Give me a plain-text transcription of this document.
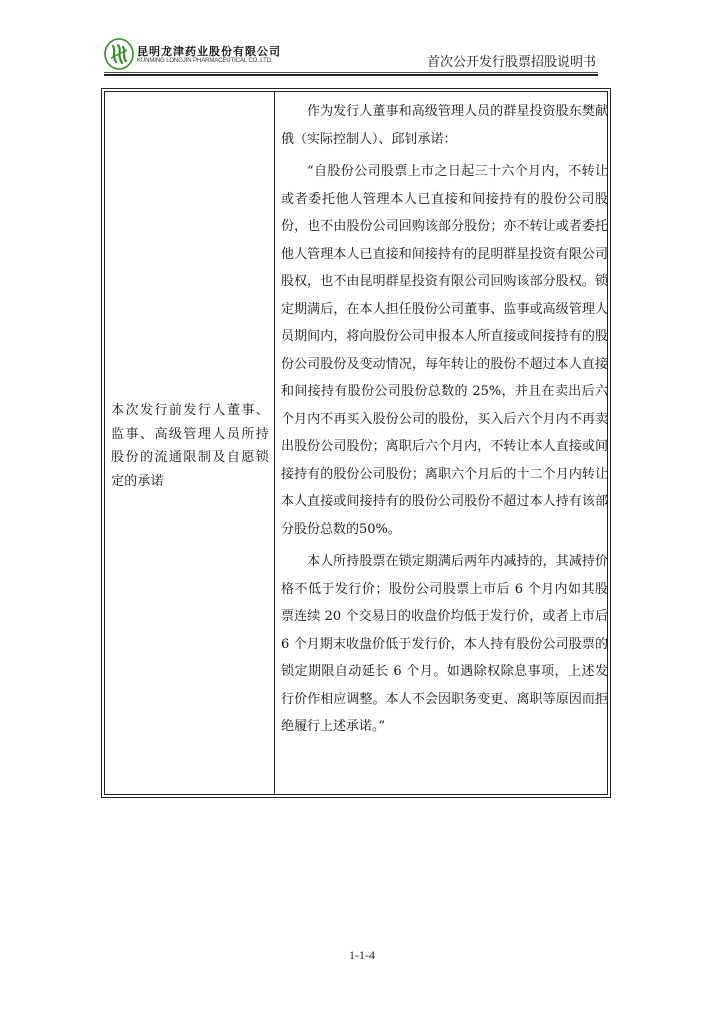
昆明龙津药业股份有限公司
KUNMING LONGJIN PHARMACEUTICAL CO.,LTD.	首次公开发行股票招股说明书
本次发行前发行人董事、监事、高级管理人员所持股份的流通限制及自愿锁定的承诺

作为发行人董事和高级管理人员的群星投资股东樊献俄（实际控制人）、邱钊承诺：

“自股份公司股票上市之日起三十六个月内，不转让或者委托他人管理本人已直接和间接持有的股份公司股份，也不由股份公司回购该部分股份；亦不转让或者委托他人管理本人已直接和间接持有的昆明群星投资有限公司股权，也不由昆明群星投资有限公司回购该部分股权。锁定期满后，在本人担任股份公司董事、监事或高级管理人员期间内，将向股份公司申报本人所直接或间接持有的股份公司股份及变动情况，每年转让的股份不超过本人直接和间接持有股份公司股份总数的 25%，并且在卖出后六个月内不再买入股份公司的股份，买入后六个月内不再卖出股份公司股份；离职后六个月内，不转让本人直接或间接持有的股份公司股份；离职六个月后的十二个月内转让本人直接或间接持有的股份公司股份不超过本人持有该部分股份总数的50%。

本人所持股票在锁定期满后两年内减持的，其减持价格不低于发行价；股份公司股票上市后 6 个月内如其股票连续 20 个交易日的收盘价均低于发行价，或者上市后 6 个月期末收盘价低于发行价，本人持有股份公司股票的锁定期限自动延长 6 个月。如遇除权除息事项，上述发行价作相应调整。本人不会因职务变更、离职等原因而拒绝履行上述承诺。”

1-1-4
